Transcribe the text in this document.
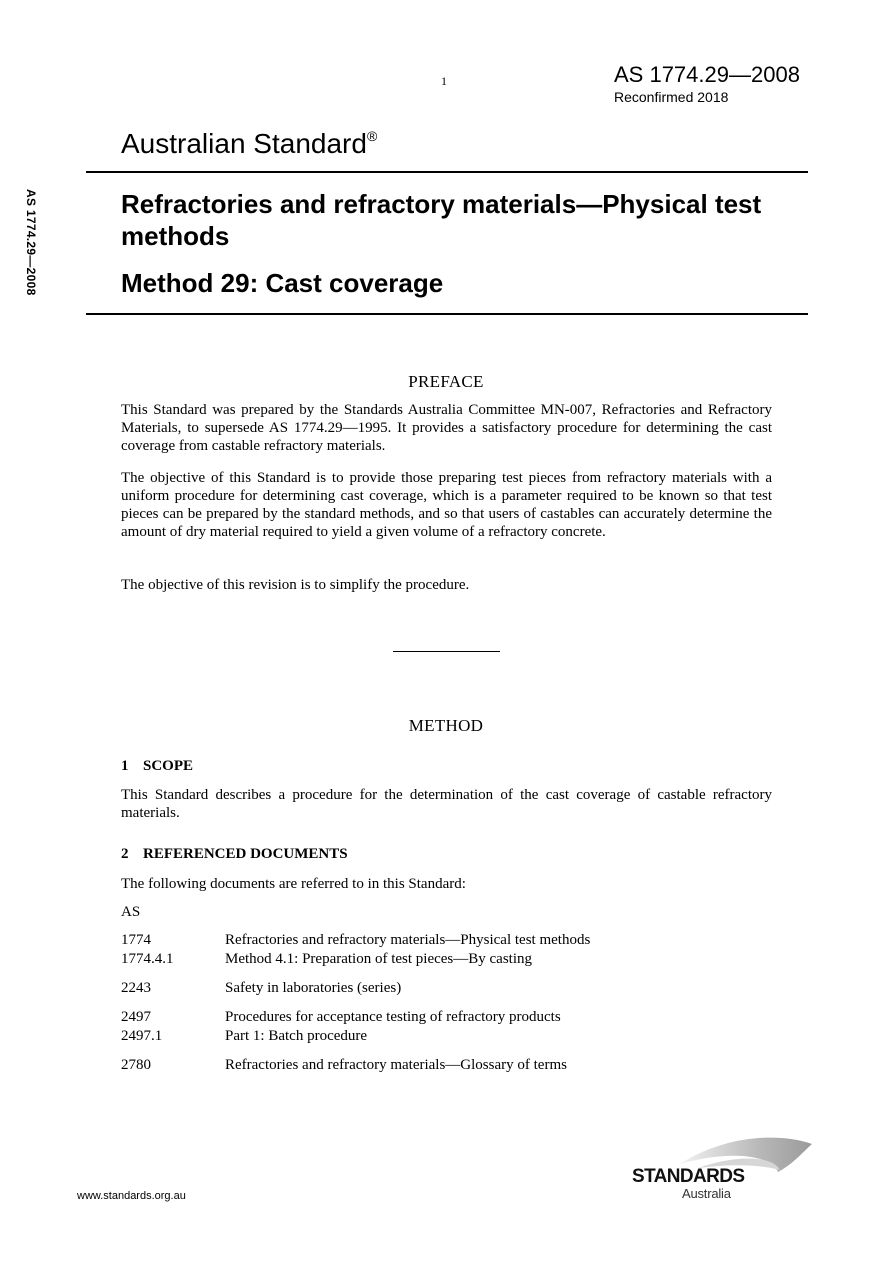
1	AS 1774.29—2008
Reconfirmed 2018
Australian Standard®
AS 1774.29—2008	Refractories and refractory materials—Physical test methods
Method 29: Cast coverage
PREFACE
This Standard was prepared by the Standards Australia Committee MN-007, Refractories and Refractory Materials, to supersede AS 1774.29—1995. It provides a satisfactory procedure for determining the cast coverage from castable refractory materials.
The objective of this Standard is to provide those preparing test pieces from refractory materials with a uniform procedure for determining cast coverage, which is a parameter required to be known so that test pieces can be prepared by the standard methods, and so that users of castables can accurately determine the amount of dry material required to yield a given volume of a refractory concrete.
The objective of this revision is to simplify the procedure.
METHOD
1 SCOPE
This Standard describes a procedure for the determination of the cast coverage of castable refractory materials.
2 REFERENCED DOCUMENTS
The following documents are referred to in this Standard:
AS
1774	Refractories and refractory materials—Physical test methods
1774.4.1	Method 4.1: Preparation of test pieces—By casting
2243	Safety in laboratories (series)
2497	Procedures for acceptance testing of refractory products
2497.1	Part 1: Batch procedure
2780	Refractories and refractory materials—Glossary of terms
www.standards.org.au
STANDARDS
Australia
